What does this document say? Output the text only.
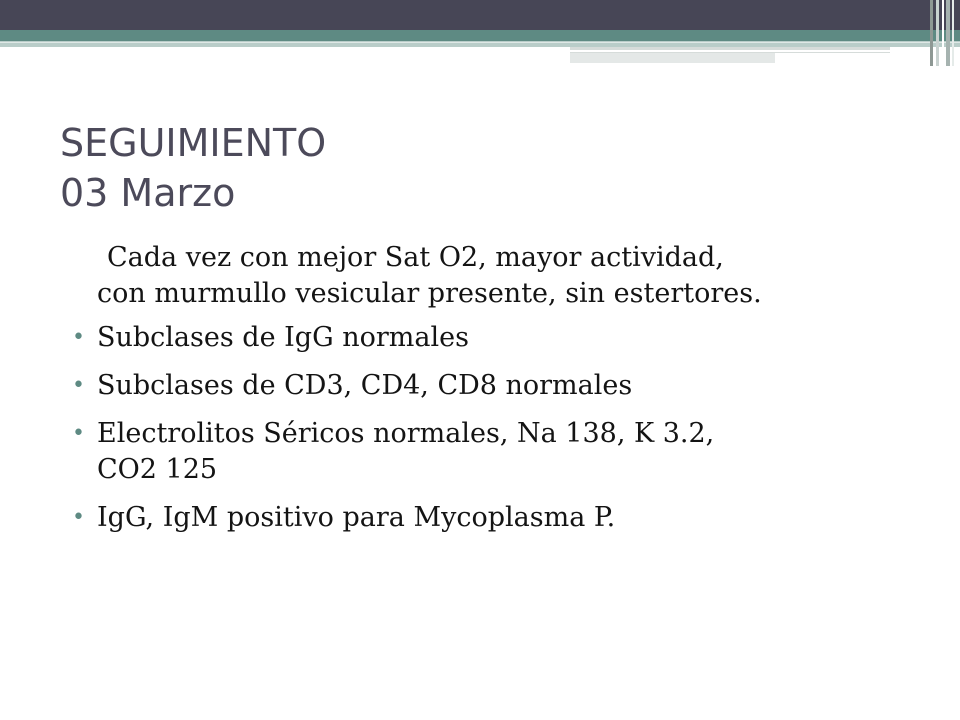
SEGUIMIENTO
03 Marzo
Cada vez con mejor Sat O2, mayor actividad,
con murmullo vesicular presente, sin estertores.
• Subclases de IgG normales
• Subclases de CD3, CD4, CD8 normales
• Electrolitos Séricos normales, Na 138, K 3.2,
CO2 125
• IgG, IgM positivo para Mycoplasma P.
